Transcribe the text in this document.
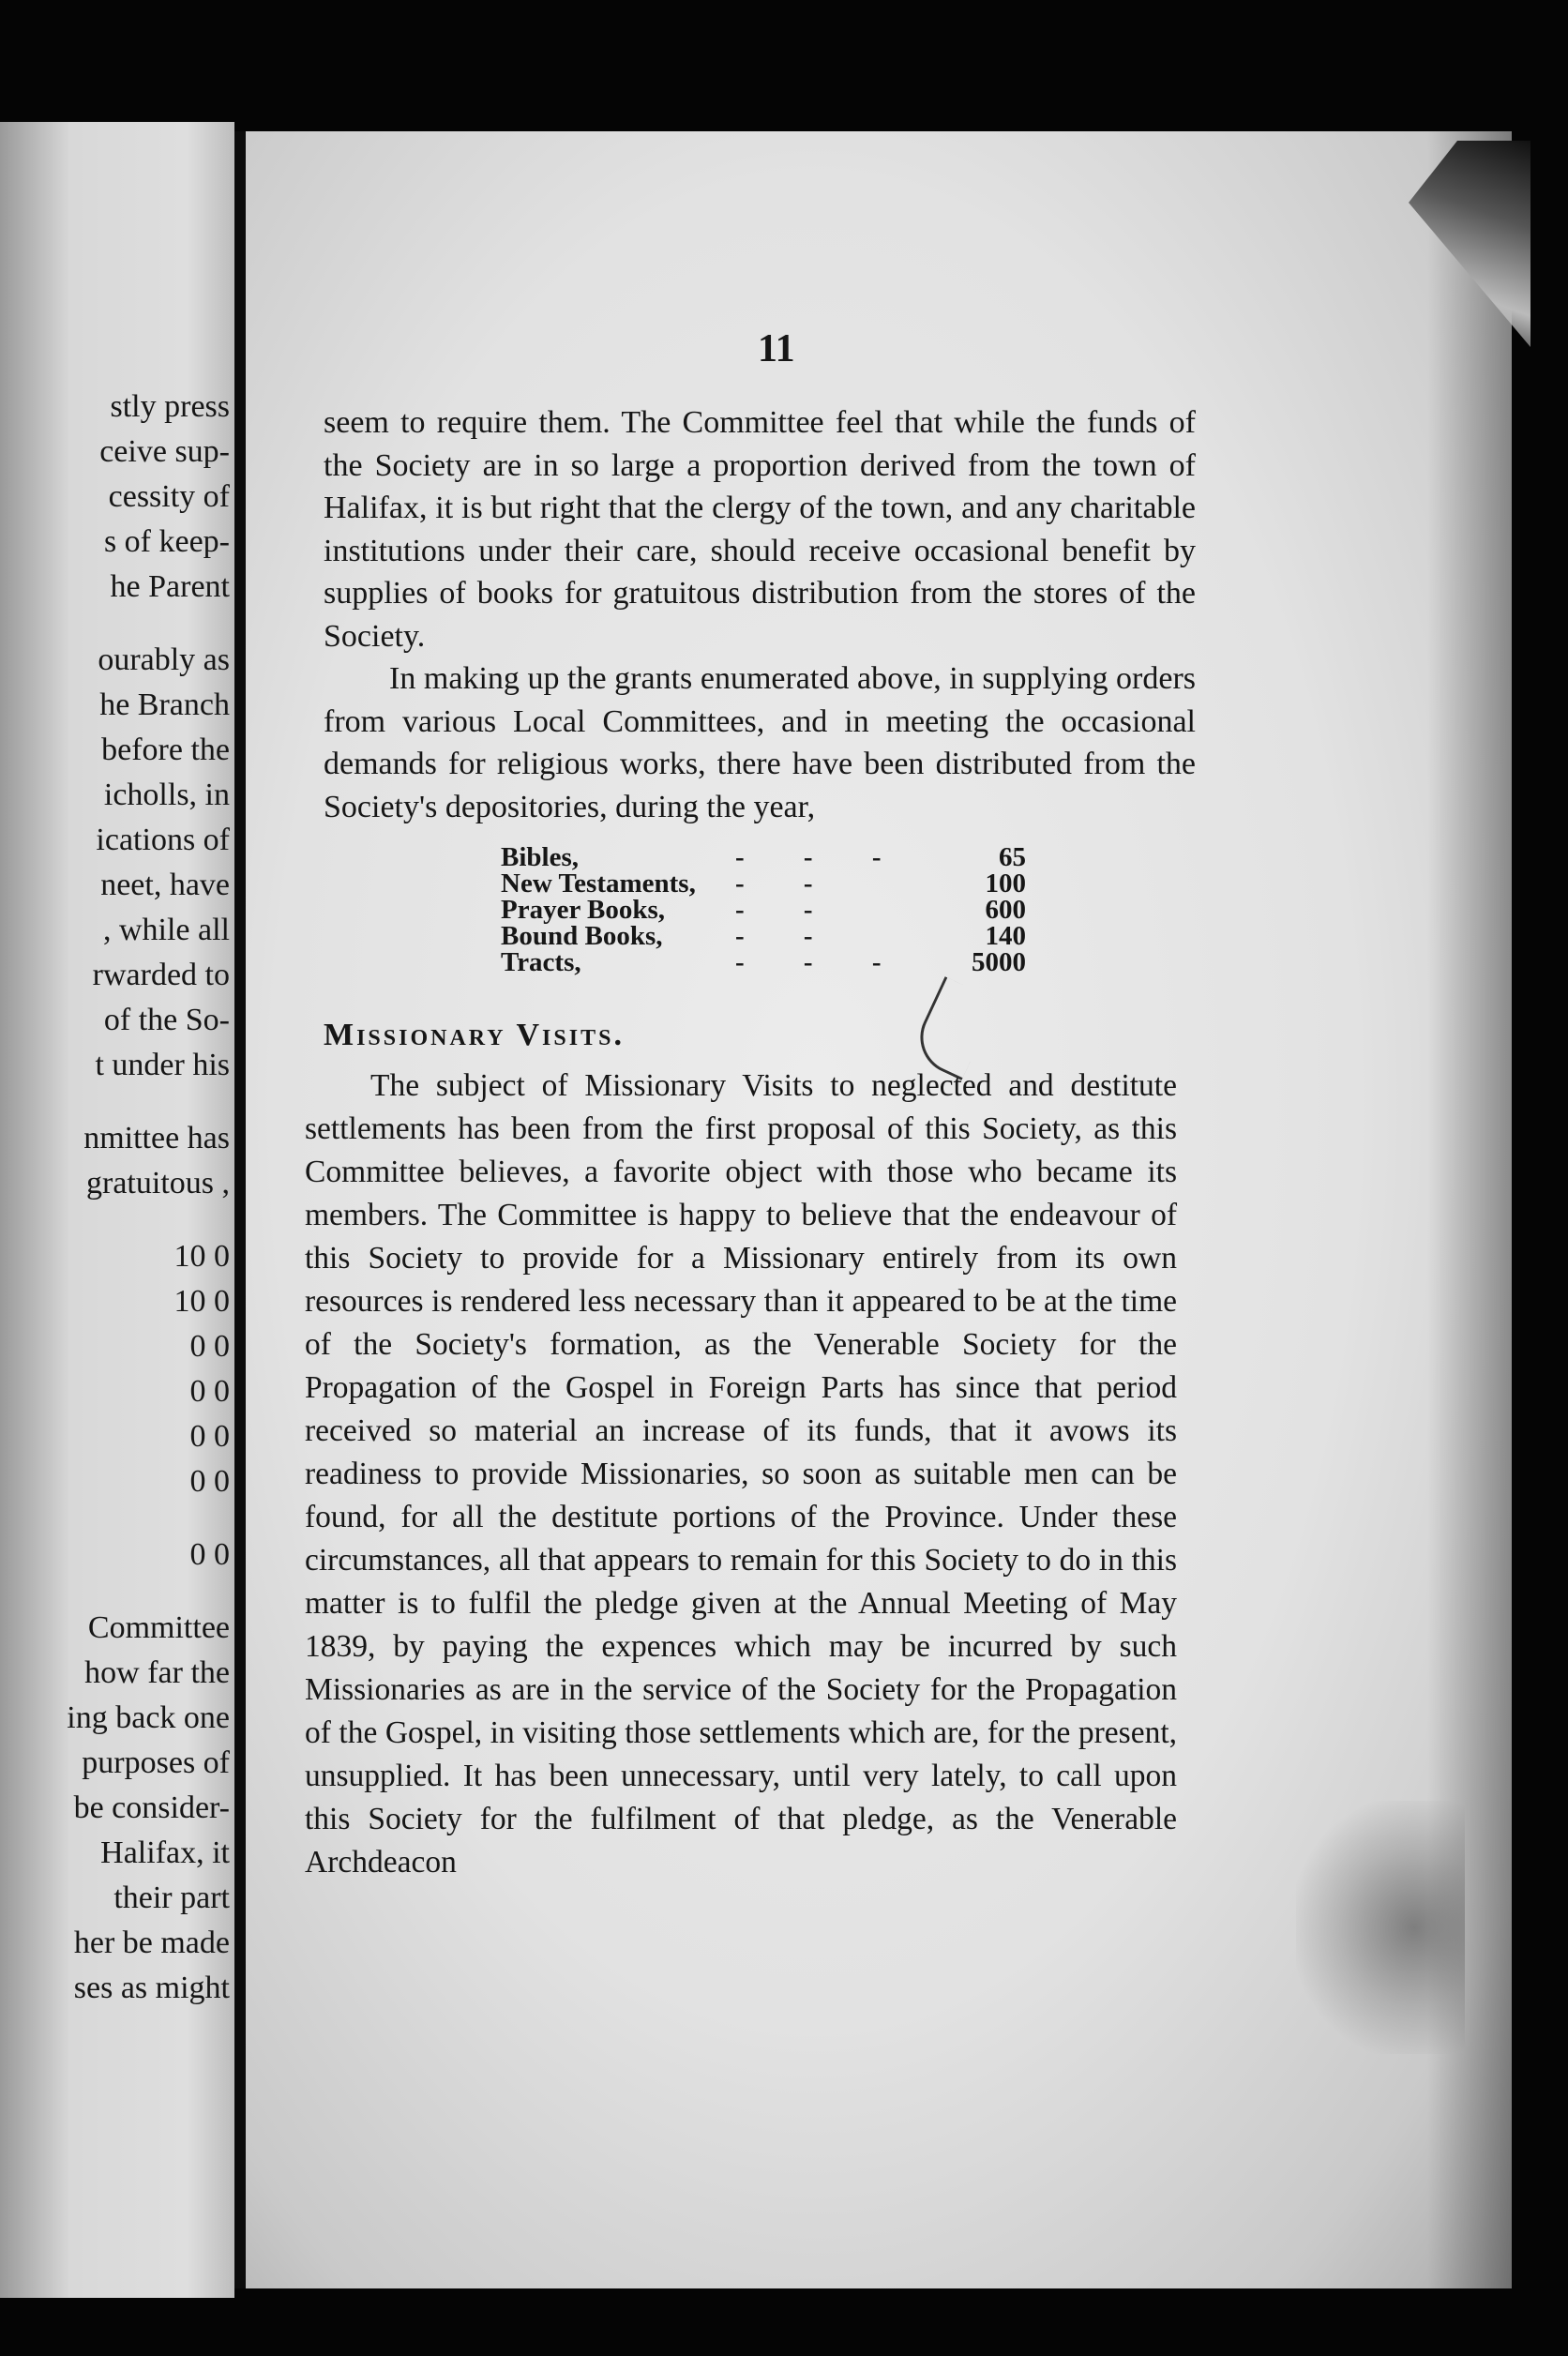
stly press
ceive sup-
cessity of
s of keep-
he Parent
ourably as
he Branch
before the
icholls, in
ications of
neet, have
, while all
rwarded to
of the So-
t under his
nmittee has
gratuitous ,
10 0
10 0
0 0
0 0
0 0
0 0
0 0
Committee
how far the
ing back one
purposes of
be consider-
Halifax, it
their part
her be made
ses as might
11

seem to require them. The Committee feel that while the funds of the Society are in so large a proportion derived from the town of Halifax, it is but right that the clergy of the town, and any charitable institutions under their care, should receive occasional benefit by supplies of books for gratuitous distribution from the stores of the Society.

In making up the grants enumerated above, in supplying orders from various Local Committees, and in meeting the occasional demands for religious works, there have been distributed from the Society's depositories, during the year,

Bibles,	- - -	65
New Testaments,	- -	100
Prayer Books,	- -	600
Bound Books,	- -	140
Tracts,	- - -	5000
Missionary Visits.

The subject of Missionary Visits to neglected and destitute settlements has been from the first proposal of this Society, as this Committee believes, a favorite object with those who became its members. The Committee is happy to believe that the endeavour of this Society to provide for a Missionary entirely from its own resources is rendered less necessary than it appeared to be at the time of the Society's formation, as the Venerable Society for the Propagation of the Gospel in Foreign Parts has since that period received so material an increase of its funds, that it avows its readiness to provide Missionaries, so soon as suitable men can be found, for all the destitute portions of the Province. Under these circumstances, all that appears to remain for this Society to do in this matter is to fulfil the pledge given at the Annual Meeting of May 1839, by paying the expences which may be incurred by such Missionaries as are in the service of the Society for the Propagation of the Gospel, in visiting those settlements which are, for the present, unsupplied. It has been unnecessary, until very lately, to call upon this Society for the fulfilment of that pledge, as the Venerable Archdeacon
